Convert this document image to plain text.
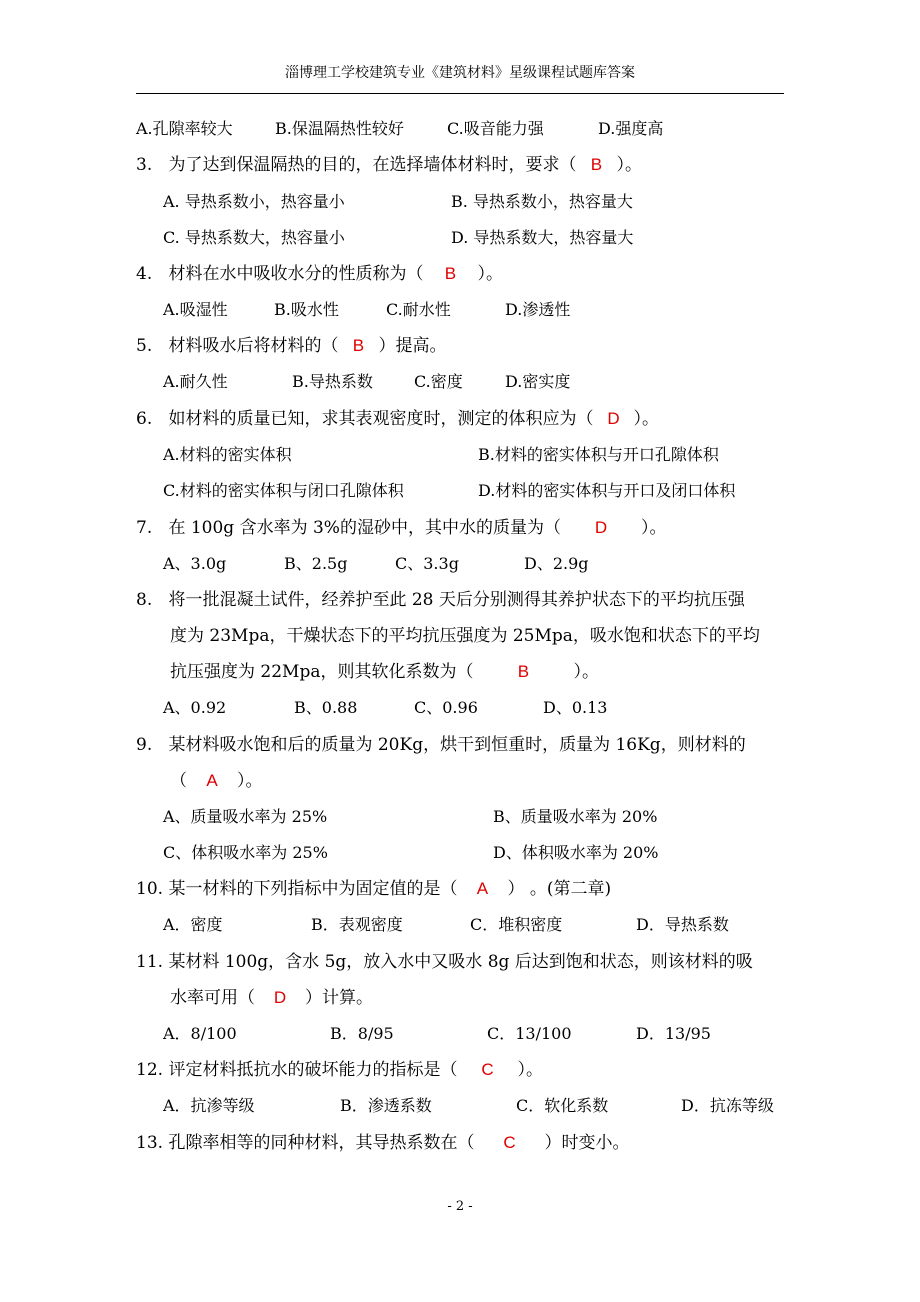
淄博理工学校建筑专业《建筑材料》星级课程试题库答案
A.孔隙率较大	B.保温隔热性较好	C.吸音能力强	D.强度高
3. 为了达到保温隔热的目的，在选择墙体材料时，要求（ B ）。
A. 导热系数小，热容量小	B. 导热系数小，热容量大
C. 导热系数大，热容量小	D. 导热系数大，热容量大
4. 材料在水中吸收水分的性质称为（ B ）。
A.吸湿性	B.吸水性	C.耐水性	D.渗透性
5. 材料吸水后将材料的（ B ）提高。
A.耐久性	B.导热系数	C.密度	D.密实度
6. 如材料的质量已知，求其表观密度时，测定的体积应为（ D ）。
A.材料的密实体积	B.材料的密实体积与开口孔隙体积
C.材料的密实体积与闭口孔隙体积	D.材料的密实体积与开口及闭口体积
7. 在 100g 含水率为 3%的湿砂中，其中水的质量为（ D ）。
A、3.0g	B、2.5g	C、3.3g	D、2.9g
8. 将一批混凝土试件，经养护至此 28 天后分别测得其养护状态下的平均抗压强
度为 23Mpa，干燥状态下的平均抗压强度为 25Mpa，吸水饱和状态下的平均
抗压强度为 22Mpa，则其软化系数为（	B	）。
A、0.92	B、0.88	C、0.96	D、0.13
9. 某材料吸水饱和后的质量为 20Kg，烘干到恒重时，质量为 16Kg，则材料的
（ A ）。
A、质量吸水率为 25%	B、质量吸水率为 20%
C、体积吸水率为 25%	D、体积吸水率为 20%
10. 某一材料的下列指标中为固定值的是（ A ） 。(第二章)
A．密度	B．表观密度	C．堆积密度	D．导热系数
11. 某材料 100g，含水 5g，放入水中又吸水 8g 后达到饱和状态，则该材料的吸
水率可用（ D ）计算。
A．8/100	B．8/95	C．13/100	D．13/95
12. 评定材料抵抗水的破坏能力的指标是（ C ）。
A．抗渗等级	B．渗透系数	C．软化系数	D．抗冻等级
13. 孔隙率相等的同种材料，其导热系数在（ C ）时变小。
- 2 -
